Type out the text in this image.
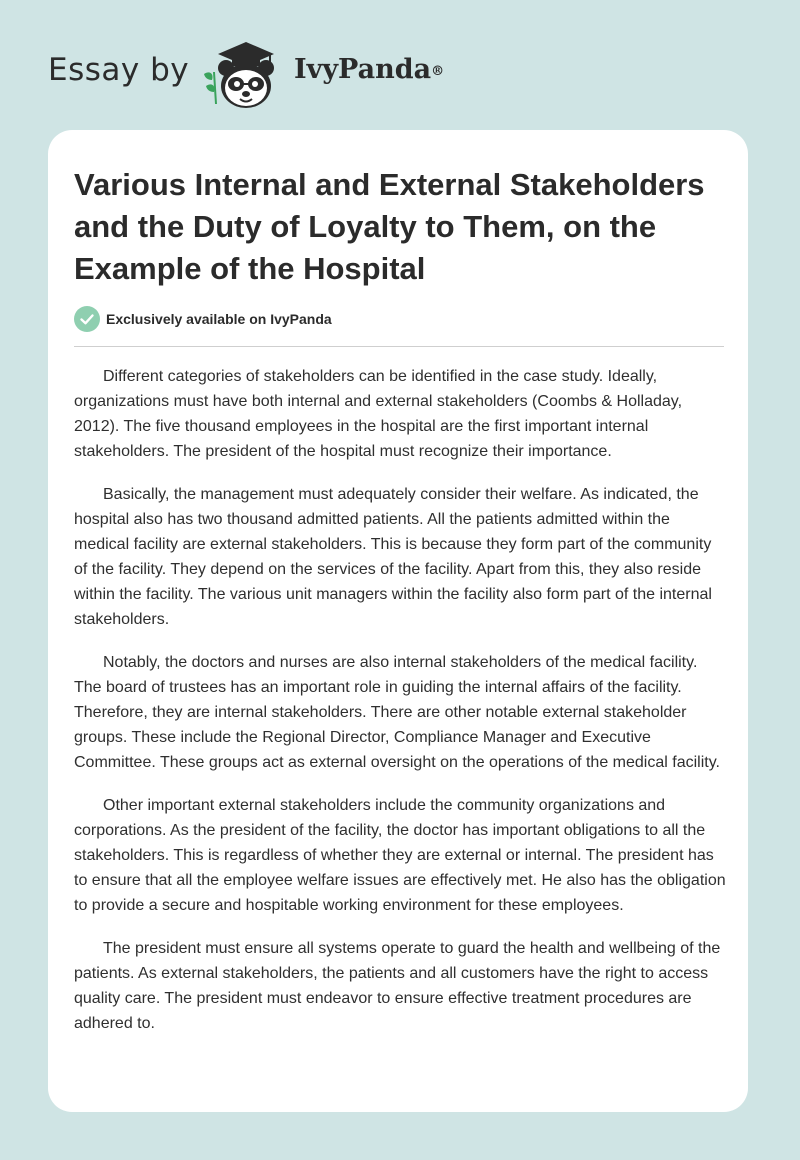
Essay by	IvyPanda®
Various Internal and External Stakeholders and the Duty of Loyalty to Them, on the Example of the Hospital
Exclusively available on IvyPanda

Different categories of stakeholders can be identified in the case study. Ideally, organizations must have both internal and external stakeholders (Coombs & Holladay, 2012). The five thousand employees in the hospital are the first important internal stakeholders. The president of the hospital must recognize their importance.

Basically, the management must adequately consider their welfare. As indicated, the hospital also has two thousand admitted patients. All the patients admitted within the medical facility are external stakeholders. This is because they form part of the community of the facility. They depend on the services of the facility. Apart from this, they also reside within the facility. The various unit managers within the facility also form part of the internal stakeholders.

Notably, the doctors and nurses are also internal stakeholders of the medical facility. The board of trustees has an important role in guiding the internal affairs of the facility. Therefore, they are internal stakeholders. There are other notable external stakeholder groups. These include the Regional Director, Compliance Manager and Executive Committee. These groups act as external oversight on the operations of the medical facility.

Other important external stakeholders include the community organizations and corporations. As the president of the facility, the doctor has important obligations to all the stakeholders. This is regardless of whether they are external or internal. The president has to ensure that all the employee welfare issues are effectively met. He also has the obligation to provide a secure and hospitable working environment for these employees.

The president must ensure all systems operate to guard the health and wellbeing of the patients. As external stakeholders, the patients and all customers have the right to access quality care. The president must endeavor to ensure effective treatment procedures are adhered to.
